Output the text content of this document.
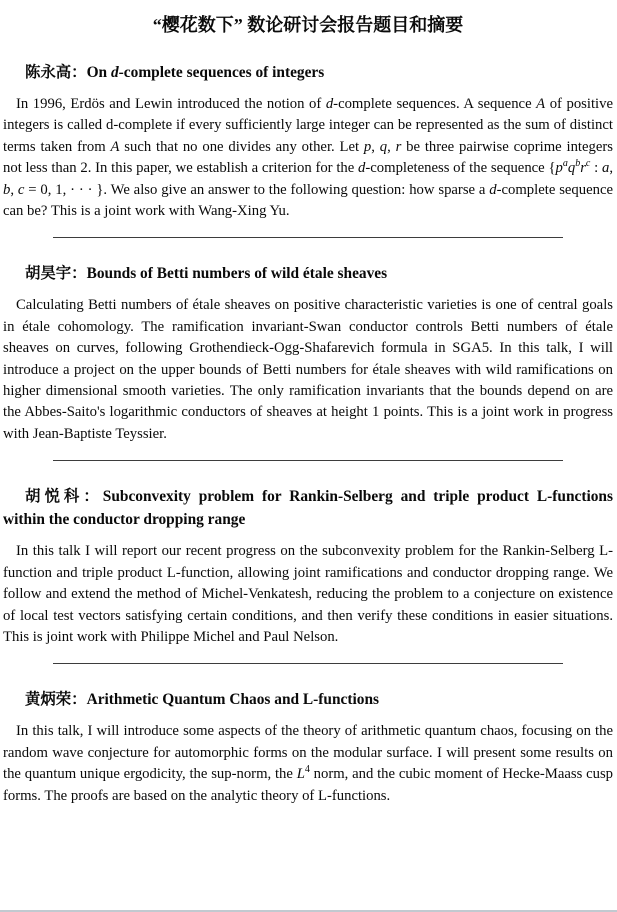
“樱花数下” 数论研讨会报告题目和摘要
陈永高：On d-complete sequences of integers

In 1996, Erdös and Lewin introduced the notion of d-complete sequences. A sequence A of positive integers is called d-complete if every sufficiently large integer can be represented as the sum of distinct terms taken from A such that no one divides any other. Let p, q, r be three pairwise coprime integers not less than 2. In this paper, we establish a criterion for the d-completeness of the sequence {$p^aq^br^c$ : a, b, c = 0, 1, · · · }. We also give an answer to the following question: how sparse a d-complete sequence can be? This is a joint work with Wang-Xing Yu.

胡昊宇：Bounds of Betti numbers of wild étale sheaves

Calculating Betti numbers of étale sheaves on positive characteristic varieties is one of central goals in étale cohomology. The ramification invariant-Swan conductor controls Betti numbers of étale sheaves on curves, following Grothendieck-Ogg-Shafarevich formula in SGA5. In this talk, I will introduce a project on the upper bounds of Betti numbers for étale sheaves with wild ramifications on higher dimensional smooth varieties. The only ramification invariants that the bounds depend on are the Abbes-Saito's logarithmic conductors of sheaves at height 1 points. This is a joint work in progress with Jean-Baptiste Teyssier.

胡悦科：Subconvexity problem for Rankin-Selberg and triple product L-functions within the conductor dropping range

In this talk I will report our recent progress on the subconvexity problem for the Rankin-Selberg L-function and triple product L-function, allowing joint ramifications and conductor dropping range. We follow and extend the method of Michel-Venkatesh, reducing the problem to a conjecture on existence of local test vectors satisfying certain conditions, and then verify these conditions in easier situations. This is joint work with Philippe Michel and Paul Nelson.

黄炳荣：Arithmetic Quantum Chaos and L-functions

In this talk, I will introduce some aspects of the theory of arithmetic quantum chaos, focusing on the random wave conjecture for automorphic forms on the modular surface. I will present some results on the quantum unique ergodicity, the sup-norm, the $L^4$ norm, and the cubic moment of Hecke-Maass cusp forms. The proofs are based on the analytic theory of L-functions.
